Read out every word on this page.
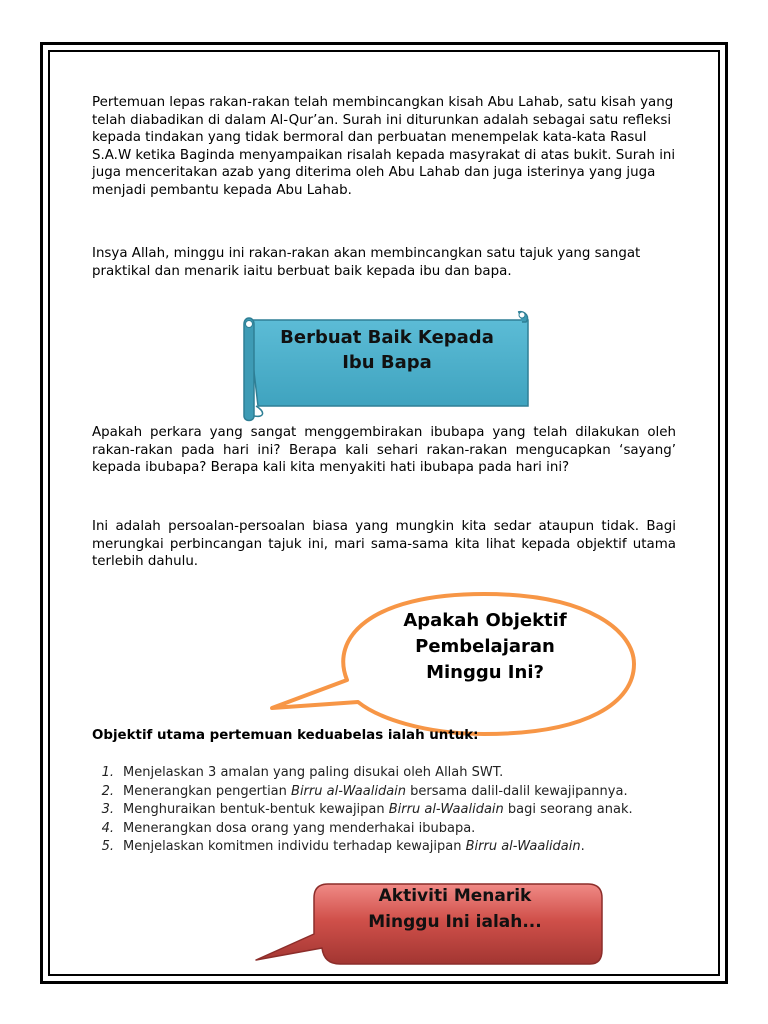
Pertemuan lepas rakan-rakan telah membincangkan kisah Abu Lahab, satu kisah yang telah diabadikan di dalam Al-Qur’an. Surah ini diturunkan adalah sebagai satu refleksi kepada tindakan yang tidak bermoral dan perbuatan menempelak kata-kata Rasul S.A.W ketika Baginda menyampaikan risalah kepada masyrakat di atas bukit. Surah ini juga menceritakan azab yang diterima oleh Abu Lahab dan juga isterinya yang juga menjadi pembantu kepada Abu Lahab.

Insya Allah, minggu ini rakan-rakan akan membincangkan satu tajuk yang sangat praktikal dan menarik iaitu berbuat baik kepada ibu dan bapa.

Berbuat Baik Kepada
Ibu Bapa

Apakah perkara yang sangat menggembirakan ibubapa yang telah dilakukan oleh rakan-rakan pada hari ini? Berapa kali sehari rakan-rakan mengucapkan ‘sayang’ kepada ibubapa? Berapa kali kita menyakiti hati ibubapa pada hari ini?

Ini adalah persoalan-persoalan biasa yang mungkin kita sedar ataupun tidak. Bagi merungkai perbincangan tajuk ini, mari sama-sama kita lihat kepada objektif utama terlebih dahulu.

Apakah Objektif
Pembelajaran
Minggu Ini?
Objektif utama pertemuan keduabelas ialah untuk:
1. Menjelaskan 3 amalan yang paling disukai oleh Allah SWT.
2. Menerangkan pengertian Birru al-Waalidain bersama dalil-dalil kewajipannya.
3. Menghuraikan bentuk-bentuk kewajipan Birru al-Waalidain bagi seorang anak.
4. Menerangkan dosa orang yang menderhakai ibubapa.
5. Menjelaskan komitmen individu terhadap kewajipan Birru al-Waalidain.
Aktiviti Menarik
Minggu Ini ialah...
